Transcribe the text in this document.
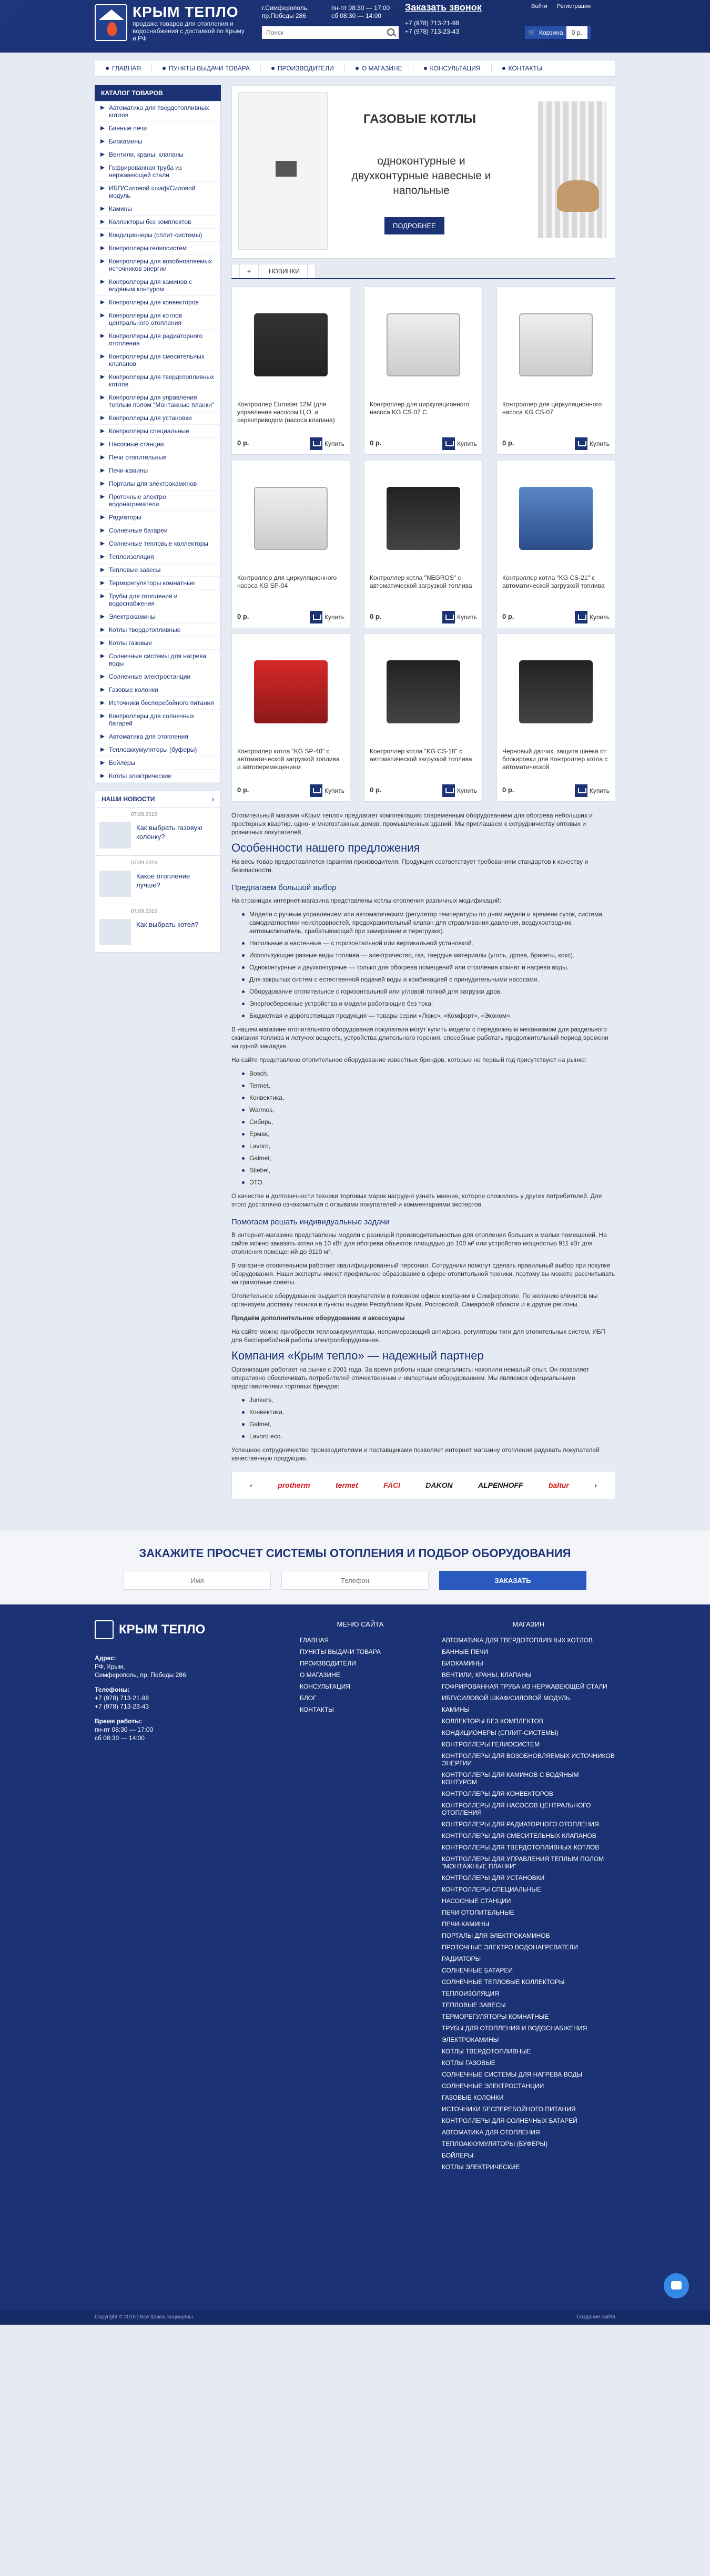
КРЫМ ТЕПЛО
продажа товаров для отопления и водоснабжения с доставкой по Крыму и РФ
г.Симферополь,
пр.Победы 286
пн-пт 08:30 — 17:00
сб 08:30 — 14:00
Заказать звонок
+7 (978) 713-21-98
+7 (978) 713-23-43
Войти Регистрация
Поиск
🛒 Корзина	0 р.
ГЛАВНАЯ	ПУНКТЫ ВЫДАЧИ ТОВАРА	ПРОИЗВОДИТЕЛИ	О МАГАЗИНЕ	КОНСУЛЬТАЦИЯ	КОНТАКТЫ
КАТАЛОГ ТОВАРОВ
Автоматика для твердотопливных котлов
Банные печи
Биокамины
Вентили, краны, клапаны
Гофрированная труба из нержавеющей стали
ИБП/Силовой шкаф/Силовой модуль
Камины
Коллекторы без комплектов
Кондиционеры (сплит-системы)
Контроллеры гелиосистем
Контроллеры для возобновляемых источников энергии
Контроллеры для каминов с водяным контуром
Контроллеры для конвекторов
Контроллеры для котлов центрального отопления
Контроллеры для радиаторного отопления
Контроллеры для смесительных клапанов
Контроллеры для твердотопливных котлов
Контроллеры для управления теплым полом "Монтажные планки"
Контроллеры для установки
Контроллеры специальные
Насосные станции
Печи отопительные
Печи-камины
Порталы для электрокаминов
Проточные электро водонагреватели
Радиаторы
Солнечные батареи
Солнечные тепловые коллекторы
Теплоизоляция
Тепловые завесы
Терморегуляторы комнатные
Трубы для отопления и водоснабжения
Электрокамины
Котлы твердотопливные
Котлы газовые
Солнечные системы для нагрева воды
Солнечные электростанции
Газовые колонки
Источники бесперебойного питания
Контроллеры для солнечных батарей
Автоматика для отопления
Теплоаккумуляторы (буферы)
Бойлеры
Котлы электрические
НАШИ НОВОСТИ	›
07.09.2016
Как выбрать газовую колонку?
07.09.2016
Какое отопление лучше?
07.09.2016
Как выбрать котел?
ГАЗОВЫЕ КОТЛЫ
одноконтурные и двухконтурные навесные и напольные
ПОДРОБНЕЕ
+	НОВИНКИ
Контроллер Euroster 12M (для управления насосом Ц.О. и сервоприводом (насоса клапана)
0 р.	Купить
Контроллер для циркуляционного насоса KG CS-07 C
0 р.	Купить
Контроллер для циркуляционного насоса KG CS-07
0 р.	Купить
Контроллер для циркуляционного насоса KG SP-04
0 р.	Купить
Контроллер котла "NEGROS" с автоматической загрузкой топлива
0 р.	Купить
Контроллер котла "KG CS-21" с автоматической загрузкой топлива
0 р.	Купить
Контроллер котла "KG SP-40" с автоматической загрузкой топлива и автоперемещением
0 р.	Купить
Контроллер котла "KG CS-18" с автоматической загрузкой топлива
0 р.	Купить
Черновый датчик, защита шнека от блокировки для Контроллер котла с автоматической
0 р.	Купить

Отопительный магазин «Крым тепло» предлагает комплектацию современным оборудованием для обогрева небольших и просторных квартир, одно- и многоэтажных домов, промышленных зданий. Мы приглашаем к сотрудничеству оптовых и розничных покупателей.

Особенности нашего предложения

На весь товар предоставляется гарантия производителя. Продукция соответствует требованиям стандартов к качеству и безопасности.

Предлагаем большой выбор

На страницах интернет-магазина представлены котлы отопления различных модификаций:

Модели с ручным управлением или автоматическим (регулятор температуры по дням недели и времени суток, система самодиагностики неисправностей, предохранительный клапан для стравливания давления, воздухоотводчик, автовыключатель, срабатывающий при замерзании и перегрузке).
Напольные и настенные — с горизонтальной или вертикальной установкой.
Использующие разные виды топлива — электричество, газ, твердые материалы (уголь, дрова, брикеты, кокс).
Одноконтурные и двухконтурные — только для обогрева помещений или отопления комнат и нагрева воды.
Для закрытых систем с естественной подачей воды и комбинацией с принудительными насосами.
Оборудование отопительное с горизонтальной или угловой топкой для загрузки дров.
Энергосбережные устройства и модели работающие без тока.
Бюджетная и дорогостоящая продукция — товары серии «Люкс», «Комфорт», «Эконом».

В нашем магазине отопительного оборудования покупатели могут купить модели с передвижным механизмом для раздельного сжигания топлива и летучих веществ, устройства длительного горения, способные работать продолжительный период времени на одной закладке.

На сайте представлено отопительное оборудование известных брендов, которые не первый год присутствуют на рынке:

Bosch,
Termet,
Конвектика,
Warmos,
Сибирь,
Ермак,
Lavoro,
Galmet,
Stiebel,
ЭТО.

О качестве и долговечности техники торговых марок нагрудно узнать мнение, которое сложилось у других потребителей. Для этого достаточно ознакомиться с отзывами покупателей и комментариями экспертов.

Помогаем решать индивидуальные задачи

В интернет-магазине представлены модели с разницей производительностью для отопления больших и малых помещений. На сайте можно заказать котел на 10 кВт для обогрева объектов площадью до 100 м² или устройство мощностью 911 кВт для отопления помещений до 9110 м².

В магазине отопительном работает квалифицированный персонал. Сотрудники помогут сделать правильный выбор при покупке оборудования. Наши эксперты имеют профильное образование в сфере отопительной техники, поэтому вы можете рассчитывать на грамотные советы.

Отопительное оборудование выдается покупателям в головном офисе компании в Симферополе. По желанию клиентов мы организуем доставку техники в пункты выдачи Республики Крым, Ростовской, Самарской области и в другие регионы.

Продаём дополнительное оборудование и аксессуары

На сайте можно приобрести теплоаккумуляторы, непримерзающий антифриз, регуляторы тяги для отопительных систем, ИБП для бесперебойной работы электрооборудования.

Компания «Крым тепло» — надежный партнер

Организация работает на рынке с 2001 года. За время работы наши специалисты накопили немалый опыт. Он позволяет оперативно обеспечивать потребителей отечественным и импортным оборудованием. Мы являемся официальными представителями торговых брендов:

Junkers,
Конвектика,
Galmet,
Lavoro eco.

Успешное сотрудничество производителями и поставщиками позволяет интернет магазину отопления радовать покупателей качественную продукцию.

‹	protherm	termet	FACI	DAKON	ALPENHOFF	baltur	›
ЗАКАЖИТЕ ПРОСЧЕТ СИСТЕМЫ ОТОПЛЕНИЯ И ПОДБОР ОБОРУДОВАНИЯ
Имя
Телефон
ЗАКАЗАТЬ
КРЫМ ТЕПЛО
Адрес:
РФ, Крым,
Симферополь, пр. Победы 286.
Телефоны:
+7 (978) 713-21-98
+7 (978) 713-23-43
Время работы:
пн-пт 08:30 — 17:00
сб 08:30 — 14:00
МЕНЮ САЙТА
ГЛАВНАЯ
ПУНКТЫ ВЫДАЧИ ТОВАРА
ПРОИЗВОДИТЕЛИ
О МАГАЗИНЕ
КОНСУЛЬТАЦИЯ
БЛОГ
КОНТАКТЫ
МАГАЗИН
АВТОМАТИКА ДЛЯ ТВЕРДОТОПЛИВНЫХ КОТЛОВ
БАННЫЕ ПЕЧИ
БИОКАМИНЫ
ВЕНТИЛИ, КРАНЫ, КЛАПАНЫ
ГОФРИРОВАННАЯ ТРУБА ИЗ НЕРЖАВЕЮЩЕЙ СТАЛИ
ИБП/СИЛОВОЙ ШКАФ/СИЛОВОЙ МОДУЛЬ
КАМИНЫ
КОЛЛЕКТОРЫ БЕЗ КОМПЛЕКТОВ
КОНДИЦИОНЕРЫ (СПЛИТ-СИСТЕМЫ)
КОНТРОЛЛЕРЫ ГЕЛИОСИСТЕМ
КОНТРОЛЛЕРЫ ДЛЯ ВОЗОБНОВЛЯЕМЫХ ИСТОЧНИКОВ ЭНЕРГИИ
КОНТРОЛЛЕРЫ ДЛЯ КАМИНОВ С ВОДЯНЫМ КОНТУРОМ
КОНТРОЛЛЕРЫ ДЛЯ КОНВЕКТОРОВ
КОНТРОЛЛЕРЫ ДЛЯ НАСОСОВ ЦЕНТРАЛЬНОГО ОТОПЛЕНИЯ
КОНТРОЛЛЕРЫ ДЛЯ РАДИАТОРНОГО ОТОПЛЕНИЯ
КОНТРОЛЛЕРЫ ДЛЯ СМЕСИТЕЛЬНЫХ КЛАПАНОВ
КОНТРОЛЛЕРЫ ДЛЯ ТВЕРДОТОПЛИВНЫХ КОТЛОВ
КОНТРОЛЛЕРЫ ДЛЯ УПРАВЛЕНИЯ ТЕПЛЫМ ПОЛОМ "МОНТАЖНЫЕ ПЛАНКИ"
КОНТРОЛЛЕРЫ ДЛЯ УСТАНОВКИ
КОНТРОЛЛЕРЫ СПЕЦИАЛЬНЫЕ
НАСОСНЫЕ СТАНЦИИ
ПЕЧИ ОТОПИТЕЛЬНЫЕ
ПЕЧИ-КАМИНЫ
ПОРТАЛЫ ДЛЯ ЭЛЕКТРОКАМИНОВ
ПРОТОЧНЫЕ ЭЛЕКТРО ВОДОНАГРЕВАТЕЛИ
РАДИАТОРЫ
СОЛНЕЧНЫЕ БАТАРЕИ
СОЛНЕЧНЫЕ ТЕПЛОВЫЕ КОЛЛЕКТОРЫ
ТЕПЛОИЗОЛЯЦИЯ
ТЕПЛОВЫЕ ЗАВЕСЫ
ТЕРМОРЕГУЛЯТОРЫ КОМНАТНЫЕ
ТРУБЫ ДЛЯ ОТОПЛЕНИЯ И ВОДОСНАБЖЕНИЯ
ЭЛЕКТРОКАМИНЫ
КОТЛЫ ТВЕРДОТОПЛИВНЫЕ
КОТЛЫ ГАЗОВЫЕ
СОЛНЕЧНЫЕ СИСТЕМЫ ДЛЯ НАГРЕВА ВОДЫ
СОЛНЕЧНЫЕ ЭЛЕКТРОСТАНЦИИ
ГАЗОВЫЕ КОЛОНКИ
ИСТОЧНИКИ БЕСПЕРЕБОЙНОГО ПИТАНИЯ
КОНТРОЛЛЕРЫ ДЛЯ СОЛНЕЧНЫХ БАТАРЕЙ
АВТОМАТИКА ДЛЯ ОТОПЛЕНИЯ
ТЕПЛОАККУМУЛЯТОРЫ (БУФЕРЫ)
БОЙЛЕРЫ
КОТЛЫ ЭЛЕКТРИЧЕСКИЕ
Copyright © 2016 | Все права защищены	Создание сайта
